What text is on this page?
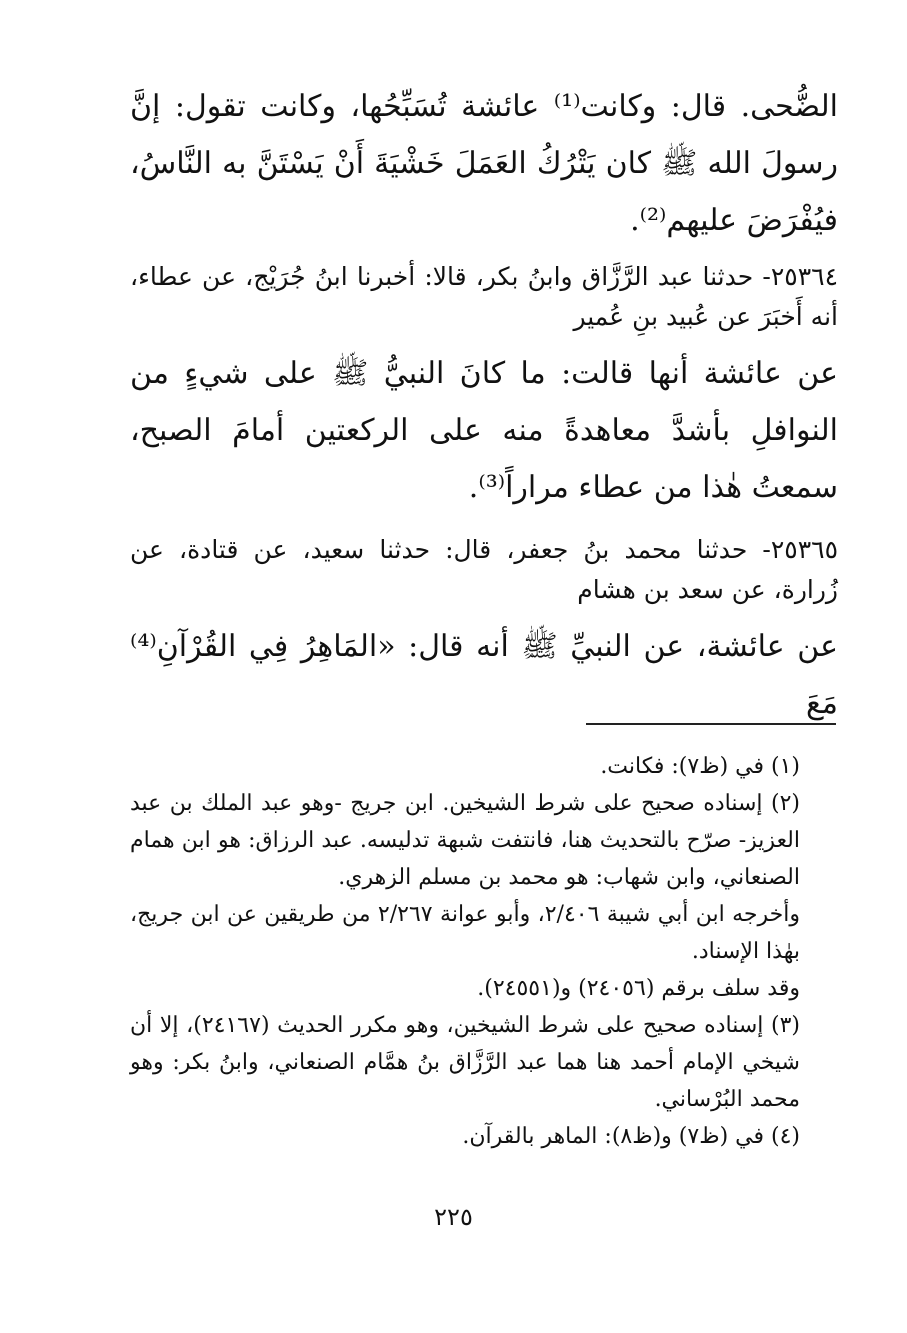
الضُّحى. قال: وكانت⁽¹⁾ عائشة تُسَبِّحُها، وكانت تقول: إنَّ رسولَ الله ﷺ كان يَتْرُكُ العَمَلَ خَشْيَةَ أَنْ يَسْتَنَّ به النَّاسُ، فيُفْرَضَ عليهم⁽²⁾.

٢٥٣٦٤- حدثنا عبد الرَّزَّاق وابنُ بكر، قالا: أخبرنا ابنُ جُرَيْج، عن عطاء، أنه أَخبَرَ عن عُبيد بنِ عُمير

عن عائشة أنها قالت: ما كانَ النبيُّ ﷺ على شيءٍ من النوافلِ بأشدَّ معاهدةً منه على الركعتين أمامَ الصبح، سمعتُ هٰذا من عطاء مراراً⁽³⁾.

٢٥٣٦٥- حدثنا محمد بنُ جعفر، قال: حدثنا سعيد، عن قتادة، عن زُرارة، عن سعد بن هشام

عن عائشة، عن النبيِّ ﷺ أنه قال: «المَاهِرُ فِي القُرْآنِ⁽⁴⁾ مَعَ

(١) في (ظ٧): فكانت.

(٢) إسناده صحيح على شرط الشيخين. ابن جريج -وهو عبد الملك بن عبد العزيز- صرّح بالتحديث هنا، فانتفت شبهة تدليسه. عبد الرزاق: هو ابن همام الصنعاني، وابن شهاب: هو محمد بن مسلم الزهري.

وأخرجه ابن أبي شيبة ٢/٤٠٦، وأبو عوانة ٢/٢٦٧ من طريقين عن ابن جريج، بهٰذا الإسناد.

وقد سلف برقم (٢٤٠٥٦) و(٢٤٥٥١).

(٣) إسناده صحيح على شرط الشيخين، وهو مكرر الحديث (٢٤١٦٧)، إلا أن شيخي الإمام أحمد هنا هما عبد الرَّزَّاق بنُ همَّام الصنعاني، وابنُ بكر: وهو محمد البُرْساني.

(٤) في (ظ٧) و(ظ٨): الماهر بالقرآن.

٢٢٥
